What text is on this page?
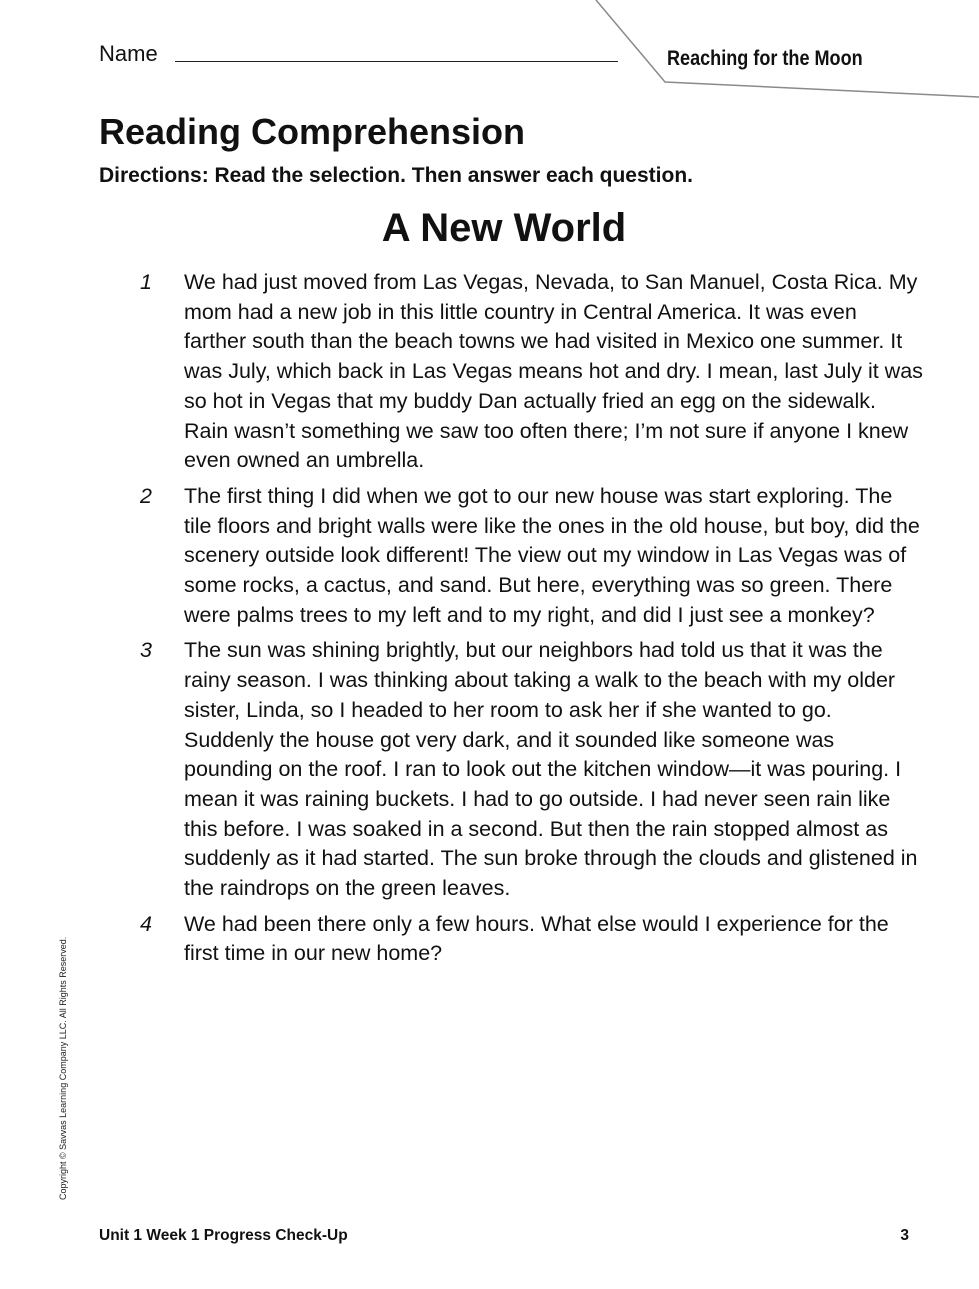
Name	Reaching for the Moon
Reading Comprehension
Directions: Read the selection. Then answer each question.
A New World
1 We had just moved from Las Vegas, Nevada, to San Manuel, Costa Rica. My mom had a new job in this little country in Central America. It was even farther south than the beach towns we had visited in Mexico one summer. It was July, which back in Las Vegas means hot and dry. I mean, last July it was so hot in Vegas that my buddy Dan actually fried an egg on the sidewalk. Rain wasn’t something we saw too often there; I’m not sure if anyone I knew even owned an umbrella.
2 The first thing I did when we got to our new house was start exploring. The tile floors and bright walls were like the ones in the old house, but boy, did the scenery outside look different! The view out my window in Las Vegas was of some rocks, a cactus, and sand. But here, everything was so green. There were palms trees to my left and to my right, and did I just see a monkey?
3 The sun was shining brightly, but our neighbors had told us that it was the rainy season. I was thinking about taking a walk to the beach with my older sister, Linda, so I headed to her room to ask her if she wanted to go. Suddenly the house got very dark, and it sounded like someone was pounding on the roof. I ran to look out the kitchen window—it was pouring. I mean it was raining buckets. I had to go outside. I had never seen rain like this before. I was soaked in a second. But then the rain stopped almost as suddenly as it had started. The sun broke through the clouds and glistened in the raindrops on the green leaves.
4 We had been there only a few hours. What else would I experience for the first time in our new home?
Copyright © Savvas Learning Company LLC. All Rights Reserved.
Unit 1 Week 1 Progress Check-Up	3
